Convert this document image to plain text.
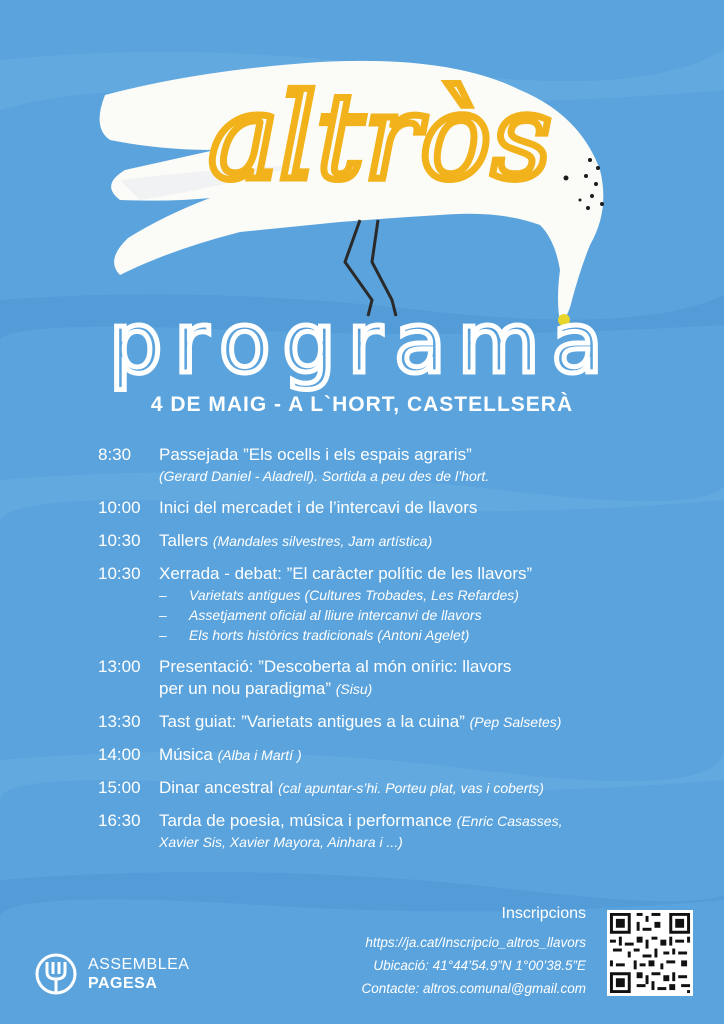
altròs
programa
4 DE MAIG - A L`HORT, CASTELLSERÀ
8:30	Passejada ”Els ocells i els espais agraris”
(Gerard Daniel - Aladrell). Sortida a peu des de l’hort.
10:00	Inici del mercadet i de l’intercavi de llavors
10:30	Tallers (Mandales silvestres, Jam artística)
10:30	Xerrada - debat: ”El caràcter polític de les llavors”
–	Varietats antigues (Cultures Trobades, Les Refardes)
–	Assetjament oficial al lliure intercanvi de llavors
–	Els horts històrics tradicionals (Antoni Agelet)
13:00	Presentació: ”Descoberta al món oníric: llavors
per un nou paradigma” (Sisu)
13:30	Tast guiat: ”Varietats antigues a la cuina” (Pep Salsetes)
14:00	Música (Alba i Martí )
15:00	Dinar ancestral (cal apuntar-s’hi. Porteu plat, vas i coberts)
16:30	Tarda de poesia, música i performance (Enric Casasses,
Xavier Sis, Xavier Mayora, Ainhara i ...)
Inscripcions
https://ja.cat/Inscripcio_altros_llavors
Ubicació: 41°44’54.9”N 1°00’38.5”E
Contacte: altros.comunal@gmail.com
ASSEMBLEA
PAGESA
